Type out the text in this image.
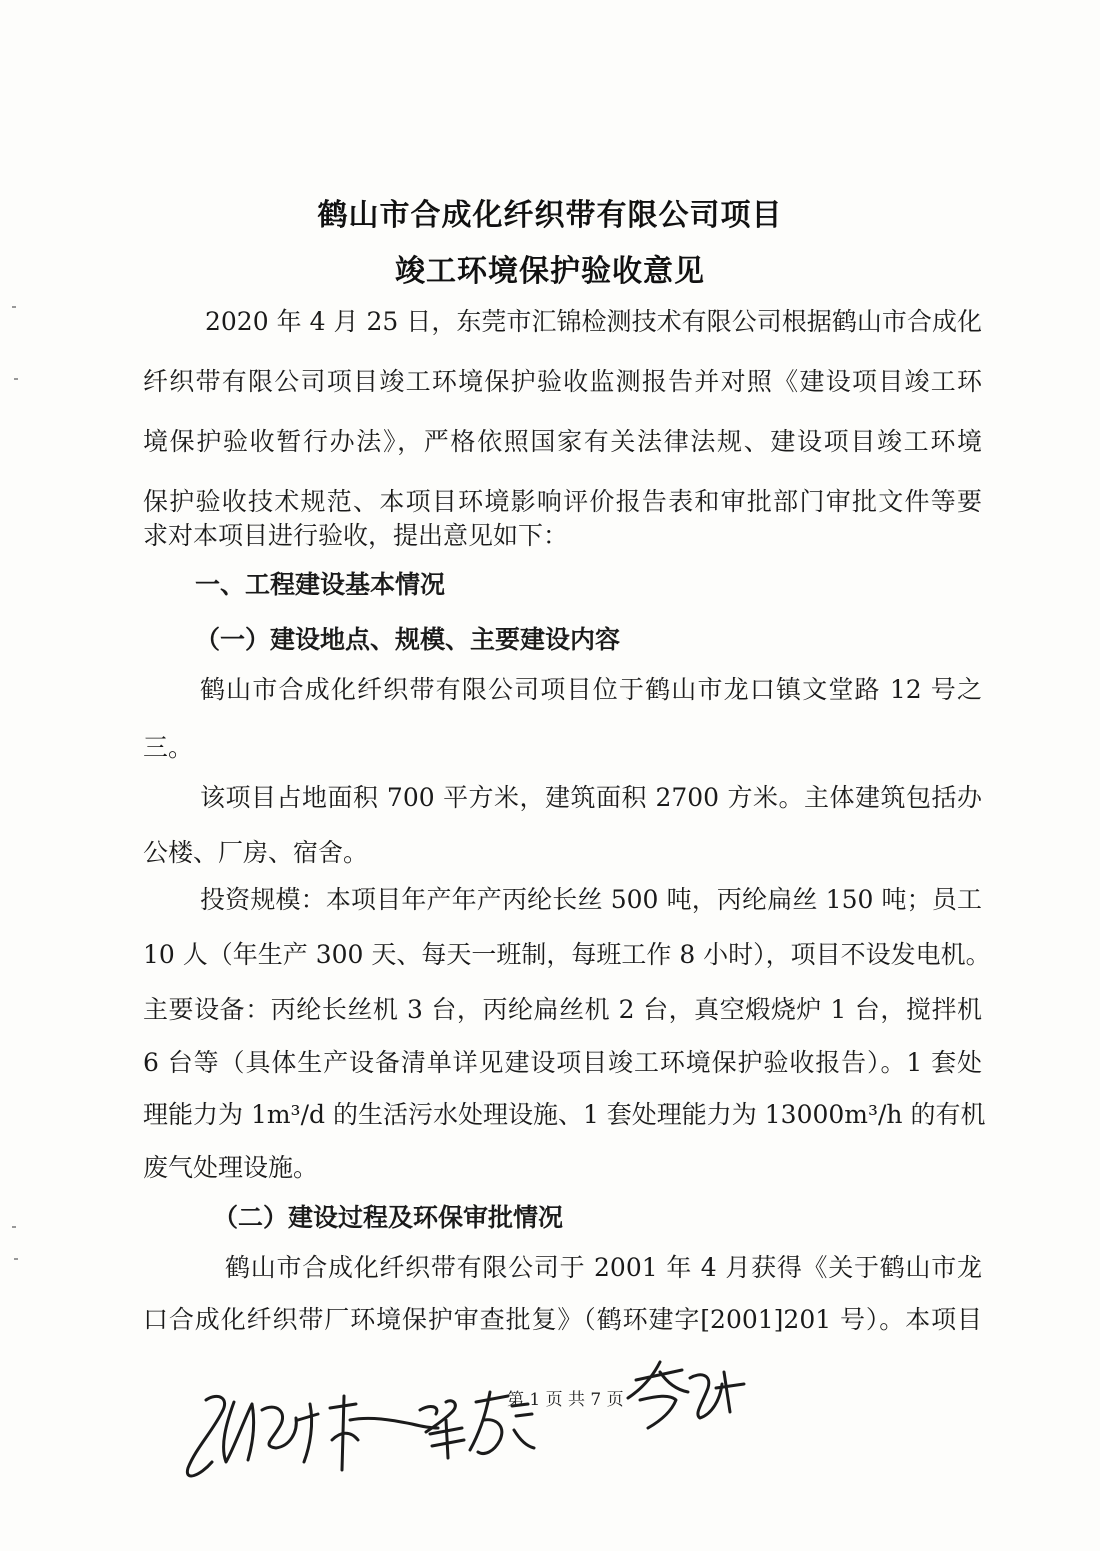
鹤山市合成化纤织带有限公司项目
竣工环境保护验收意见
2020 年 4 月 25 日，东莞市汇锦检测技术有限公司根据鹤山市合成化
纤织带有限公司项目竣工环境保护验收监测报告并对照《建设项目竣工环
境保护验收暂行办法》，严格依照国家有关法律法规、建设项目竣工环境
保护验收技术规范、本项目环境影响评价报告表和审批部门审批文件等要
求对本项目进行验收，提出意见如下：
一、工程建设基本情况
（一）建设地点、规模、主要建设内容
鹤山市合成化纤织带有限公司项目位于鹤山市龙口镇文堂路 12 号之
三。
该项目占地面积 700 平方米，建筑面积 2700 方米。主体建筑包括办
公楼、厂房、宿舍。
投资规模：本项目年产年产丙纶长丝 500 吨，丙纶扁丝 150 吨；员工
10 人（年生产 300 天、每天一班制，每班工作 8 小时），项目不设发电机。
主要设备：丙纶长丝机 3 台，丙纶扁丝机 2 台，真空煅烧炉 1 台，搅拌机
6 台等（具体生产设备清单详见建设项目竣工环境保护验收报告）。1 套处
理能力为 1m³/d 的生活污水处理设施、1 套处理能力为 13000m³/h 的有机
废气处理设施。
（二）建设过程及环保审批情况
鹤山市合成化纤织带有限公司于 2001 年 4 月获得《关于鹤山市龙
口合成化纤织带厂环境保护审查批复》（鹤环建字[2001]201 号）。本项目
第 1 页 共 7 页
